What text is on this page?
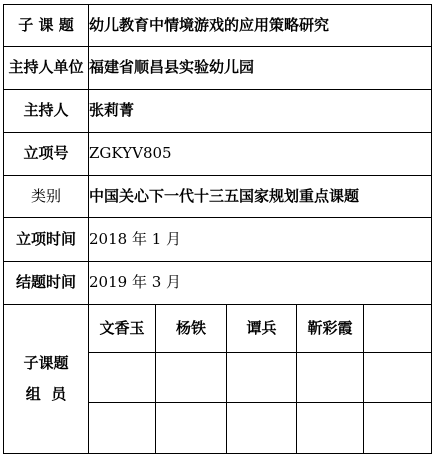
子 课 题	幼儿教育中情境游戏的应用策略研究				
主持人单位	福建省顺昌县实验幼儿园				
主持人	张莉菁				
立项号	ZGKYV805				
类别	中国关心下一代十三五国家规划重点课题				
立项时间	2018 年 1 月				
结题时间	2019 年 3 月				

子课题
组  员	文香玉	杨铁	谭兵	靳彩霞	
